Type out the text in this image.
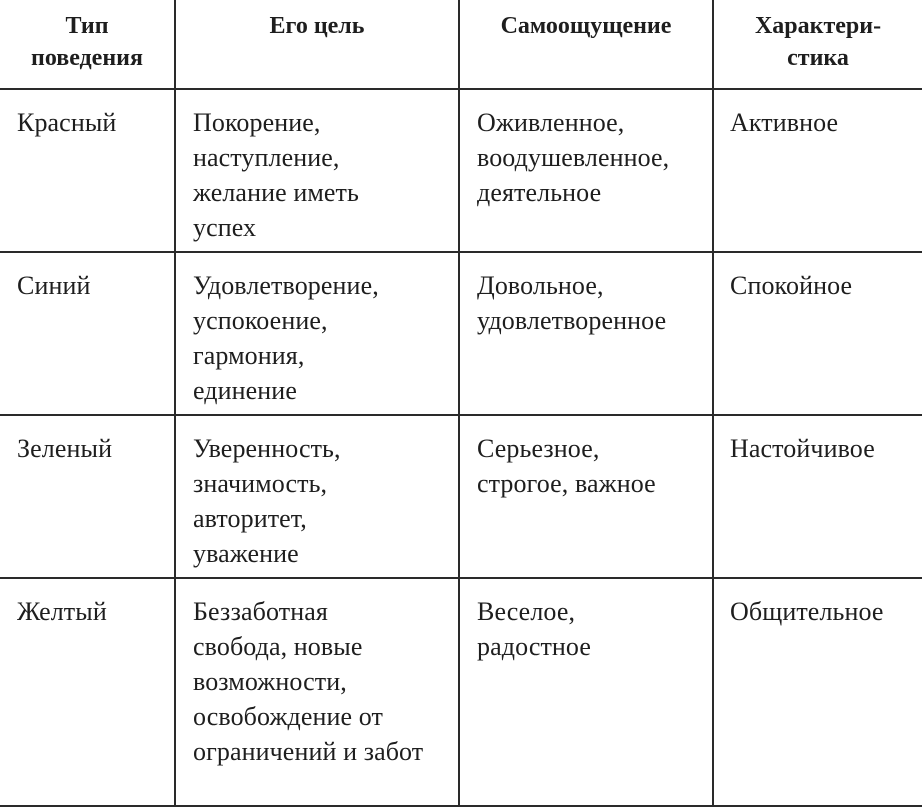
Тип
поведения	Его цель	Самоощущение	Характери-
стика

Красный	Покорение,
наступление,
желание иметь
успех	Оживленное,
воодушевленное,
деятельное	Активное

Синий	Удовлетворение,
успокоение,
гармония,
единение	Довольное,
удовлетворенное	Спокойное

Зеленый	Уверенность,
значимость,
авторитет,
уважение	Серьезное,
строгое, важное	Настойчивое

Желтый	Беззаботная
свобода, новые
возможности,
освобождение от
ограничений и забот	Веселое,
радостное	Общительное
